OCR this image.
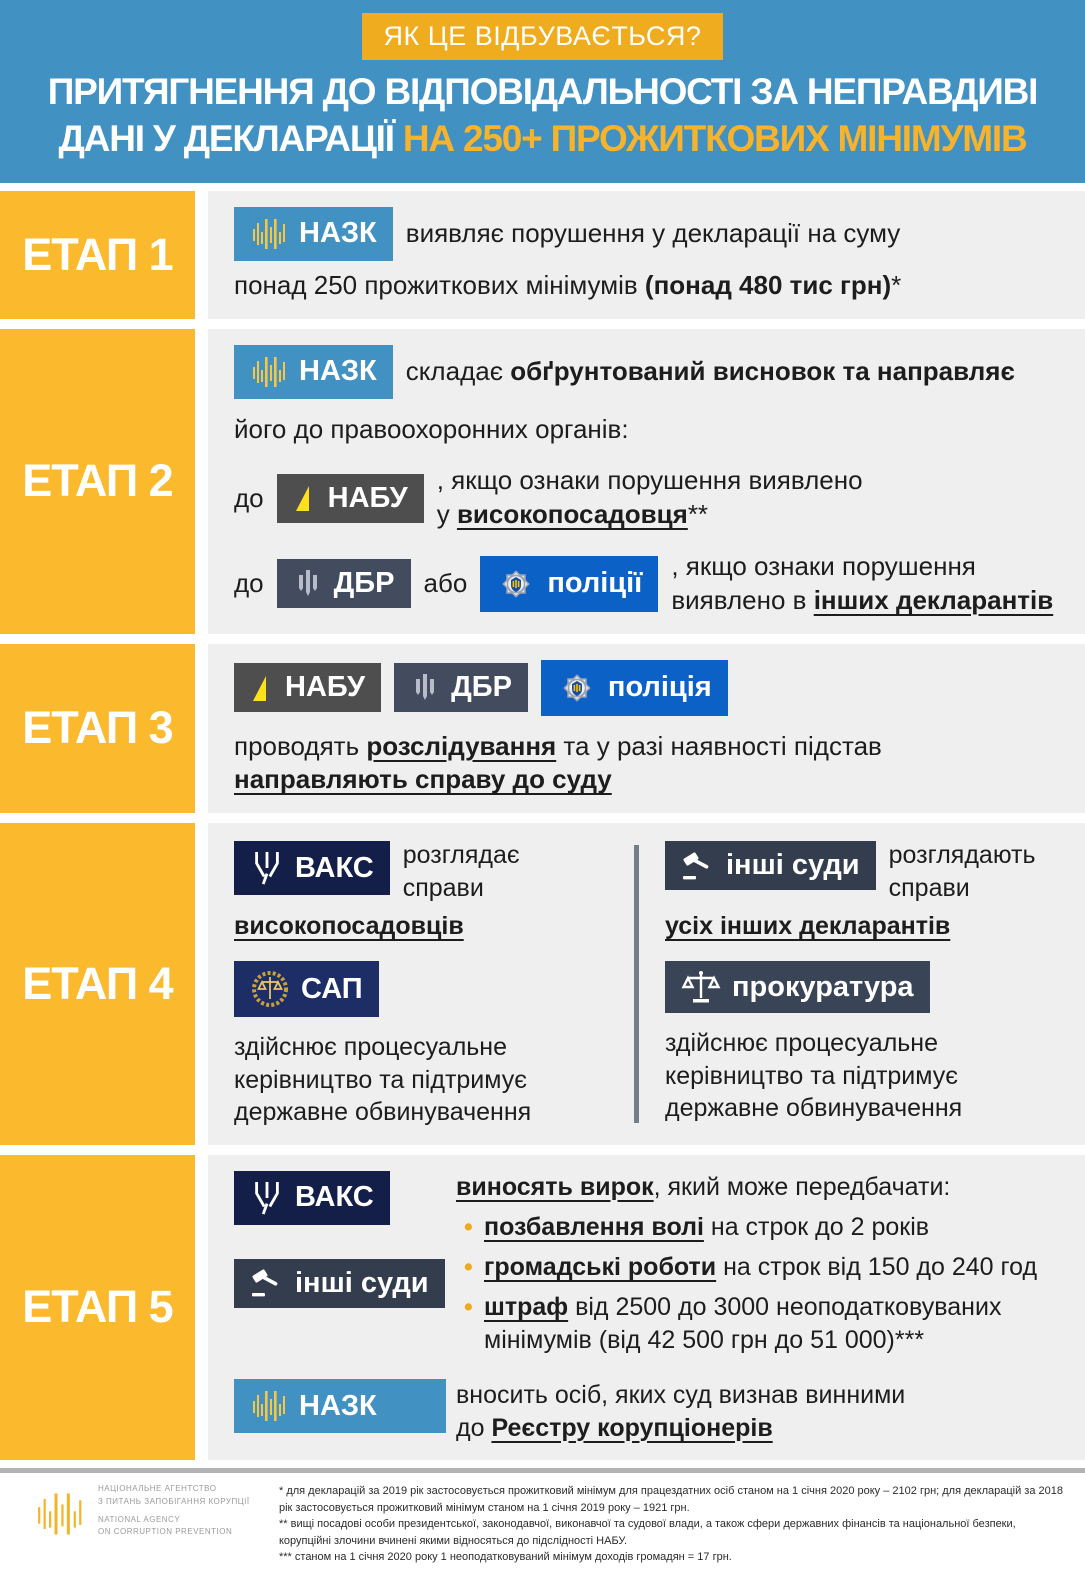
ЯК ЦЕ ВІДБУВАЄТЬСЯ?
ПРИТЯГНЕННЯ ДО ВІДПОВІДАЛЬНОСТІ ЗА НЕПРАВДИВІ
ДАНІ У ДЕКЛАРАЦІЇ НА 250+ ПРОЖИТКОВИХ МІНІМУМІВ
ЕТАП 1	НАЗК виявляє порушення у декларації на суму
понад 250 прожиткових мінімумів (понад 480 тис грн)*
ЕТАП 2
НАЗК складає обґрунтований висновок та направляє
його до правоохоронних органів:
до НАБУ
, якщо ознаки порушення виявлено
у високопосадовця**
до ДБР або	поліції
, якщо ознаки порушення
виявлено в інших декларантів
ЕТАП 3
НАБУ	ДБР	поліція
проводять розслідування та у разі наявності підстав
направляють справу до суду
ЕТАП 4
ВАКС розглядає
справи
високопосадовців
САП
здійснює процесуальне керівництво та підтримує державне обвинувачення
інші суди розглядають
справи
усіх інших декларантів
прокуратура
здійснює процесуальне керівництво та підтримує державне обвинувачення
ЕТАП 5
ВАКС
інші суди
виносять вирок, який може передбачати:
• позбавлення волі на строк до 2 років
• громадські роботи на строк від 150 до 240 год
• штраф від 2500 до 3000 неоподатковуваних мінімумів (від 42 500 грн до 51 000)***
НАЗК	вносить осіб, яких суд визнав винними
до Реєстру корупціонерів
НАЦІОНАЛЬНЕ АГЕНТСТВО
З ПИТАНЬ ЗАПОБІГАННЯ КОРУПЦІЇ
NATIONAL AGENCY
ON CORRUPTION PREVENTION

* для декларацій за 2019 рік застосовується прожитковий мінімум для працездатних осіб станом на 1 січня 2020 року – 2102 грн; для декларацій за 2018 рік застосовується прожитковий мінімум станом на 1 січня 2019 року – 1921 грн.

** вищі посадові особи президентської, законодавчої, виконавчої та судової влади, а також сфери державних фінансів та національної безпеки, корупційні злочини вчинені якими відносяться до підслідності НАБУ.

*** станом на 1 січня 2020 року 1 неоподатковуваний мінімум доходів громадян = 17 грн.
